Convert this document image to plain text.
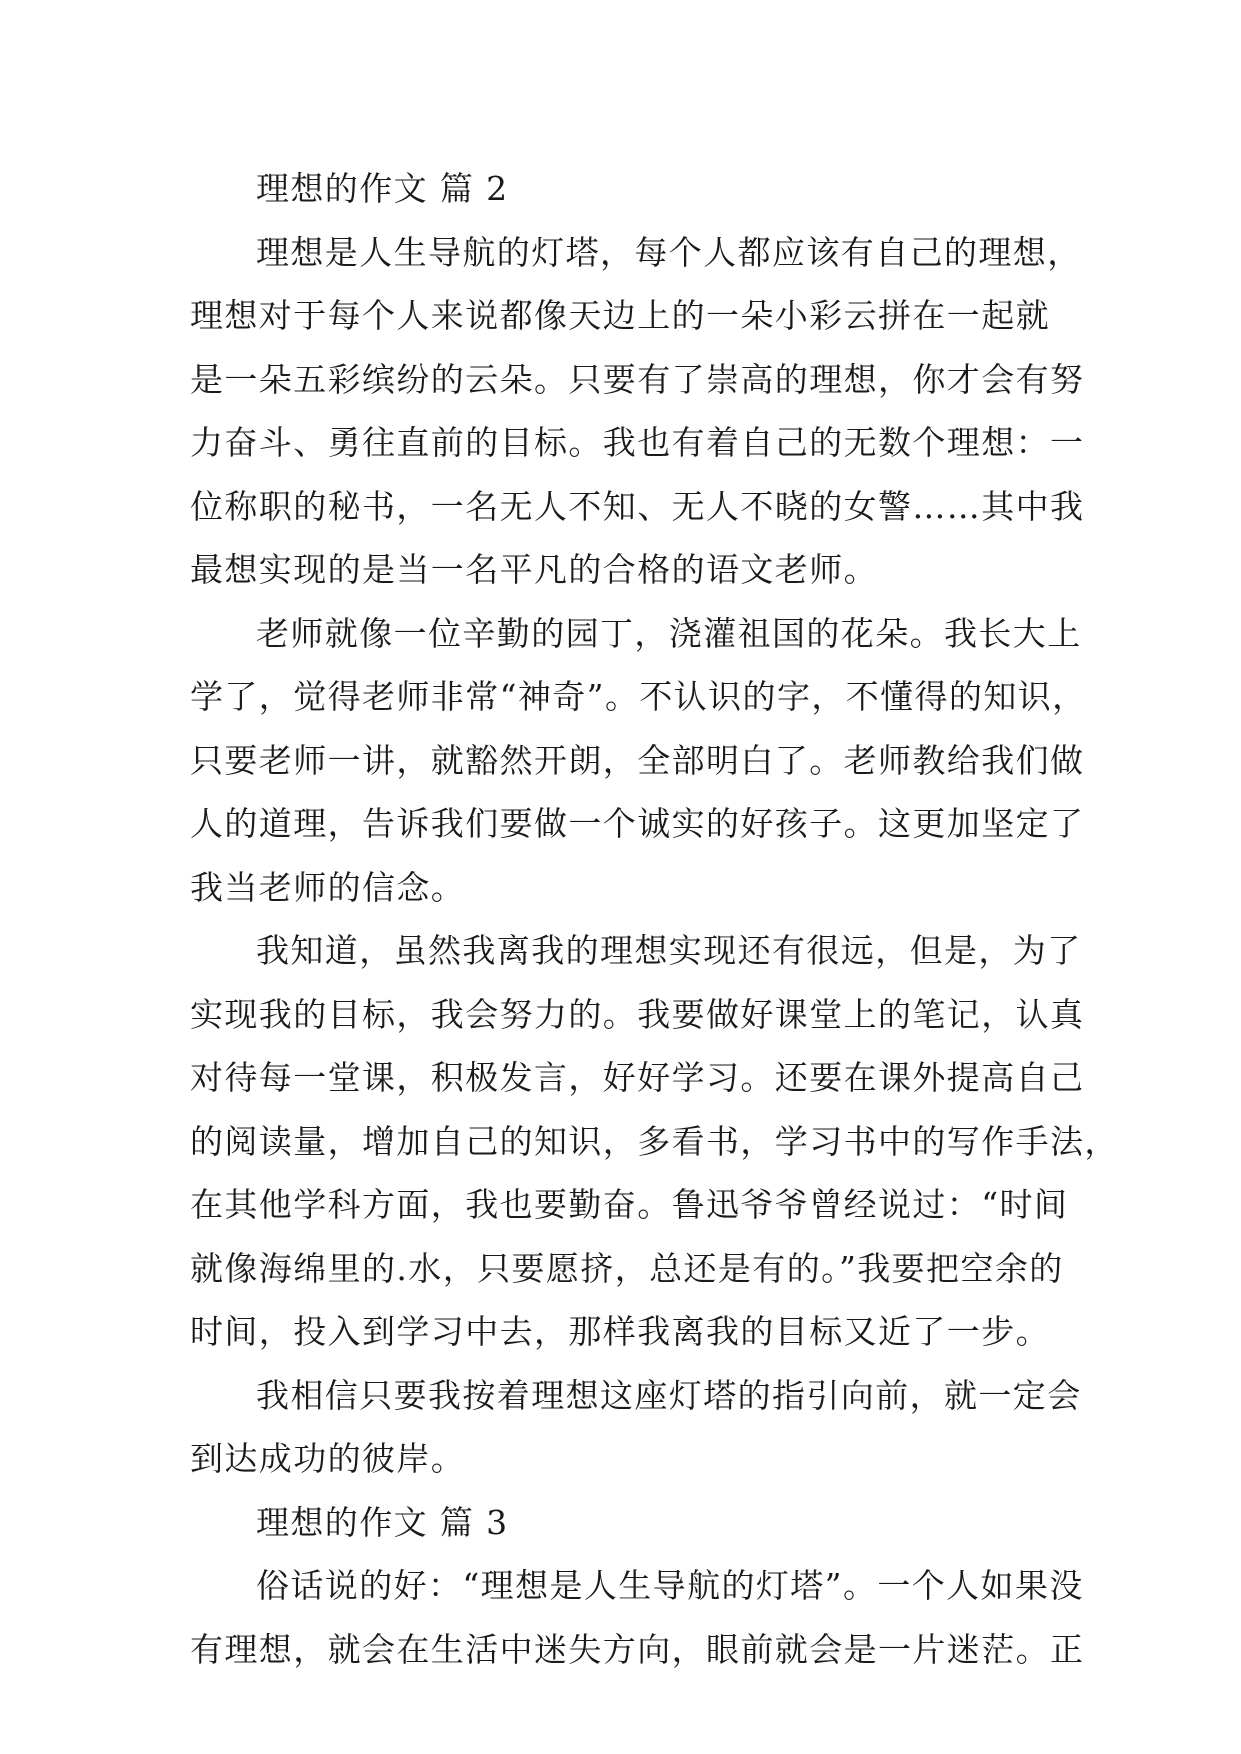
理想的作文 篇 2
理想是人生导航的灯塔，每个人都应该有自己的理想，
理想对于每个人来说都像天边上的一朵小彩云拼在一起就
是一朵五彩缤纷的云朵。只要有了崇高的理想，你才会有努
力奋斗、勇往直前的目标。我也有着自己的无数个理想：一
位称职的秘书，一名无人不知、无人不晓的女警……其中我
最想实现的是当一名平凡的合格的语文老师。
老师就像一位辛勤的园丁，浇灌祖国的花朵。我长大上
学了，觉得老师非常“神奇”。不认识的字，不懂得的知识，
只要老师一讲，就豁然开朗，全部明白了。老师教给我们做
人的道理，告诉我们要做一个诚实的好孩子。这更加坚定了
我当老师的信念。
我知道，虽然我离我的理想实现还有很远，但是，为了
实现我的目标，我会努力的。我要做好课堂上的笔记，认真
对待每一堂课，积极发言，好好学习。还要在课外提高自己
的阅读量，增加自己的知识，多看书，学习书中的写作手法，
在其他学科方面，我也要勤奋。鲁迅爷爷曾经说过：“时间
就像海绵里的.水，只要愿挤，总还是有的。”我要把空余的
时间，投入到学习中去，那样我离我的目标又近了一步。
我相信只要我按着理想这座灯塔的指引向前，就一定会
到达成功的彼岸。
理想的作文 篇 3
俗话说的好：“理想是人生导航的灯塔”。一个人如果没
有理想，就会在生活中迷失方向，眼前就会是一片迷茫。正
